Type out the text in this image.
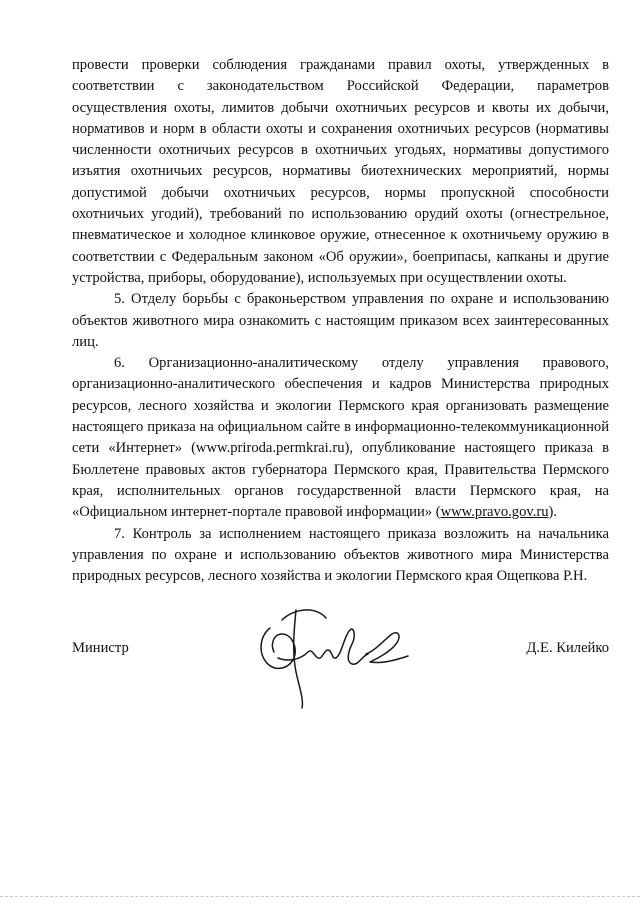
провести проверки соблюдения гражданами правил охоты, утвержденных в соответствии с законодательством Российской Федерации, параметров осуществления охоты, лимитов добычи охотничьих ресурсов и квоты их добычи, нормативов и норм в области охоты и сохранения охотничьих ресурсов (нормативы численности охотничьих ресурсов в охотничьих угодьях, нормативы допустимого изъятия охотничьих ресурсов, нормативы биотехнических мероприятий, нормы допустимой добычи охотничьих ресурсов, нормы пропускной способности охотничьих угодий), требований по использованию орудий охоты (огнестрельное, пневматическое и холодное клинковое оружие, отнесенное к охотничьему оружию в соответствии с Федеральным законом «Об оружии», боеприпасы, капканы и другие устройства, приборы, оборудование), используемых при осуществлении охоты.

5. Отделу борьбы с браконьерством управления по охране и использованию объектов животного мира ознакомить с настоящим приказом всех заинтересованных лиц.

6. Организационно-аналитическому отделу управления правового, организационно-аналитического обеспечения и кадров Министерства природных ресурсов, лесного хозяйства и экологии Пермского края организовать размещение настоящего приказа на официальном сайте в информационно-телекоммуникационной сети «Интернет» (www.priroda.permkrai.ru), опубликование настоящего приказа в Бюллетене правовых актов губернатора Пермского края, Правительства Пермского края, исполнительных органов государственной власти Пермского края, на «Официальном интернет-портале правовой информации» (www.pravo.gov.ru).

7. Контроль за исполнением настоящего приказа возложить на начальника управления по охране и использованию объектов животного мира Министерства природных ресурсов, лесного хозяйства и экологии Пермского края Ощепкова Р.Н.

Министр	Д.Е. Килейко
